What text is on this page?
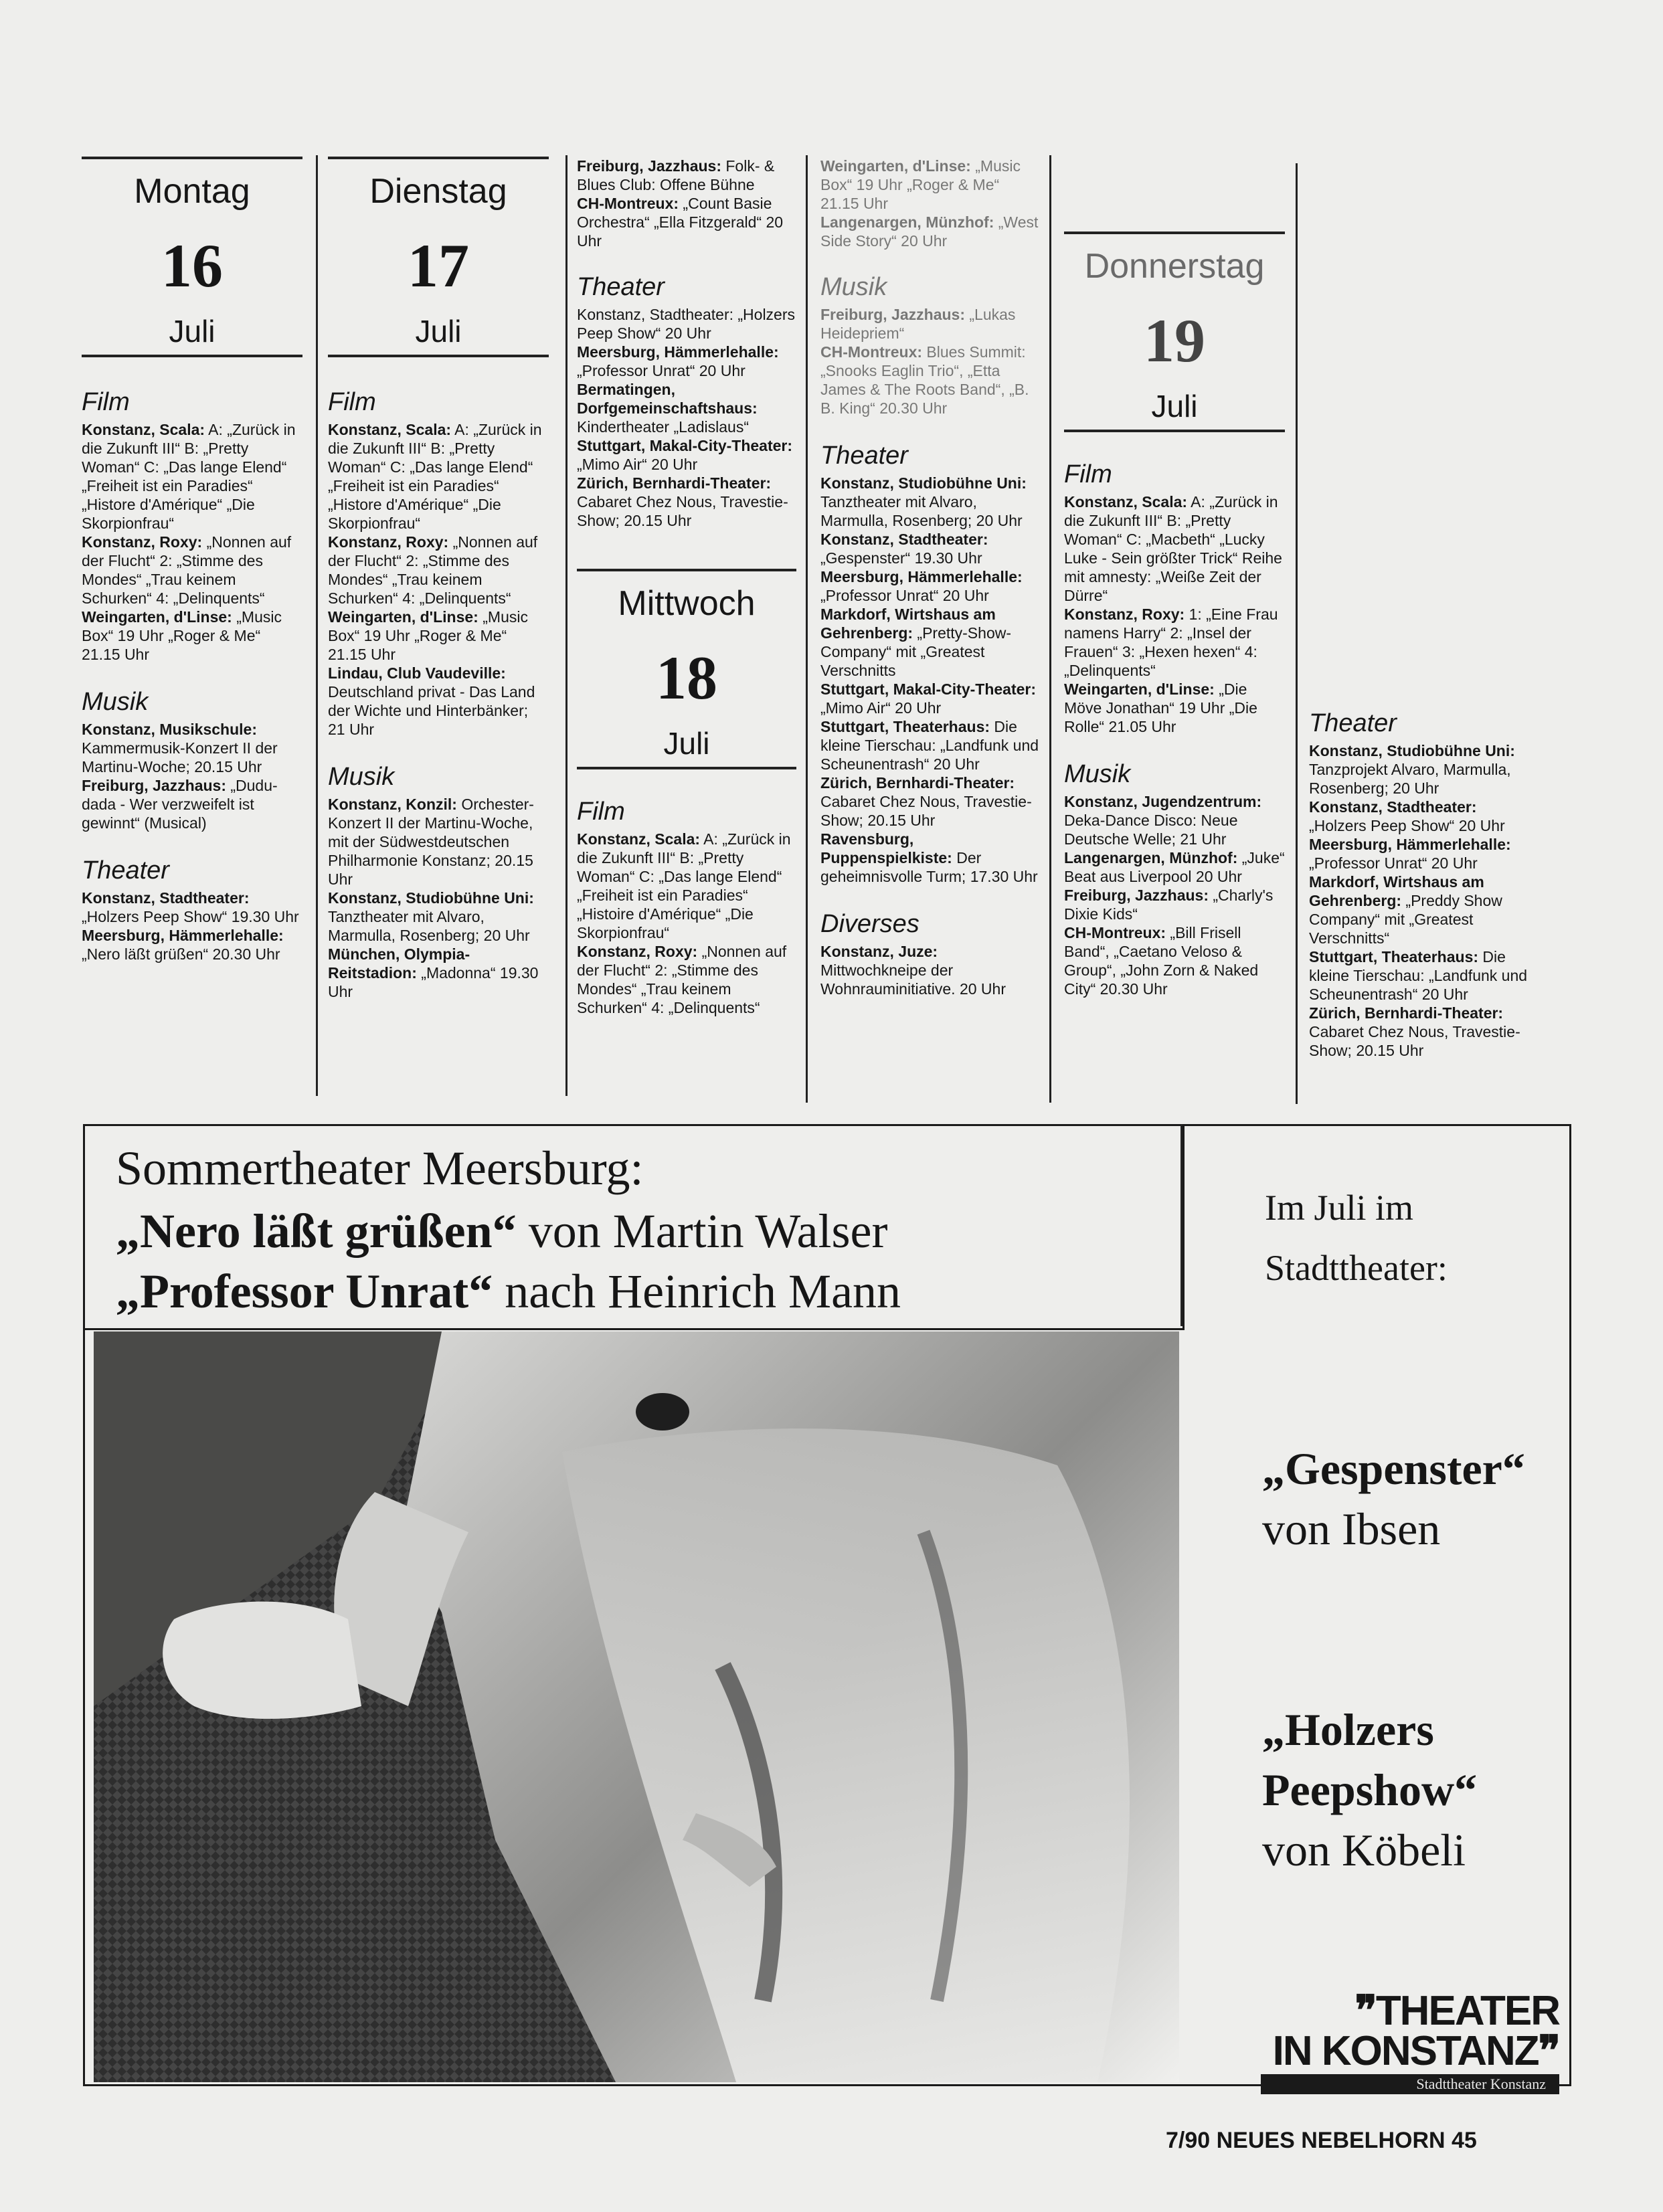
Montag
16
Juli
Film

Konstanz, Scala: A: „Zurück in die Zukunft III“ B: „Pretty Woman“ C: „Das lange Elend“ „Freiheit ist ein Paradies“ „Histore d'Amérique“ „Die Skorpionfrau“

Konstanz, Roxy: „Nonnen auf der Flucht“ 2: „Stimme des Mondes“ „Trau keinem Schurken“ 4: „Delinquents“

Weingarten, d'Linse: „Music Box“ 19 Uhr „Roger & Me“ 21.15 Uhr

Musik

Konstanz, Musikschule: Kammermusik-Konzert II der Martinu-Woche; 20.15 Uhr

Freiburg, Jazzhaus: „Dudu-dada - Wer verzweifelt ist gewinnt“ (Musical)

Theater

Konstanz, Stadtheater: „Holzers Peep Show“ 19.30 Uhr

Meersburg, Hämmerlehalle: „Nero läßt grüßen“ 20.30 Uhr

Dienstag
17
Juli
Film

Konstanz, Scala: A: „Zurück in die Zukunft III“ B: „Pretty Woman“ C: „Das lange Elend“ „Freiheit ist ein Paradies“ „Histore d'Amérique“ „Die Skorpionfrau“

Konstanz, Roxy: „Nonnen auf der Flucht“ 2: „Stimme des Mondes“ „Trau keinem Schurken“ 4: „Delinquents“

Weingarten, d'Linse: „Music Box“ 19 Uhr „Roger & Me“ 21.15 Uhr

Lindau, Club Vaudeville: Deutschland privat - Das Land der Wichte und Hinterbänker; 21 Uhr

Musik

Konstanz, Konzil: Orchester-Konzert II der Martinu-Woche, mit der Südwestdeutschen Philharmonie Konstanz; 20.15 Uhr

Konstanz, Studiobühne Uni: Tanztheater mit Alvaro, Marmulla, Rosenberg; 20 Uhr

München, Olympia-Reitstadion: „Madonna“ 19.30 Uhr

Freiburg, Jazzhaus: Folk- & Blues Club: Offene Bühne

CH-Montreux: „Count Basie Orchestra“ „Ella Fitzgerald“ 20 Uhr

Theater

Konstanz, Stadtheater: „Holzers Peep Show“ 20 Uhr

Meersburg, Hämmerlehalle: „Professor Unrat“ 20 Uhr

Bermatingen, Dorfgemeinschaftshaus: Kindertheater „Ladislaus“

Stuttgart, Makal-City-Theater: „Mimo Air“ 20 Uhr

Zürich, Bernhardi-Theater: Cabaret Chez Nous, Travestie-Show; 20.15 Uhr

Mittwoch
18
Juli
Film

Konstanz, Scala: A: „Zurück in die Zukunft III“ B: „Pretty Woman“ C: „Das lange Elend“ „Freiheit ist ein Paradies“ „Histoire d'Amérique“ „Die Skorpionfrau“

Konstanz, Roxy: „Nonnen auf der Flucht“ 2: „Stimme des Mondes“ „Trau keinem Schurken“ 4: „Delinquents“

Weingarten, d'Linse: „Music Box“ 19 Uhr „Roger & Me“ 21.15 Uhr

Langenargen, Münzhof: „West Side Story“ 20 Uhr

Musik

Freiburg, Jazzhaus: „Lukas Heidepriem“

CH-Montreux: Blues Summit: „Snooks Eaglin Trio“, „Etta James & The Roots Band“, „B. B. King“ 20.30 Uhr

Theater

Konstanz, Studiobühne Uni: Tanztheater mit Alvaro, Marmulla, Rosenberg; 20 Uhr

Konstanz, Stadtheater: „Gespenster“ 19.30 Uhr

Meersburg, Hämmerlehalle: „Professor Unrat“ 20 Uhr

Markdorf, Wirtshaus am Gehrenberg: „Pretty-Show-Company“ mit „Greatest Verschnitts

Stuttgart, Makal-City-Theater: „Mimo Air“ 20 Uhr

Stuttgart, Theaterhaus: Die kleine Tierschau: „Landfunk und Scheunentrash“ 20 Uhr

Zürich, Bernhardi-Theater: Cabaret Chez Nous, Travestie-Show; 20.15 Uhr

Ravensburg, Puppenspielkiste: Der geheimnisvolle Turm; 17.30 Uhr

Diverses

Konstanz, Juze: Mittwochkneipe der Wohnrauminitiative. 20 Uhr

Donnerstag
19
Juli
Film

Konstanz, Scala: A: „Zurück in die Zukunft III“ B: „Pretty Woman“ C: „Macbeth“ „Lucky Luke - Sein größter Trick“ Reihe mit amnesty: „Weiße Zeit der Dürre“

Konstanz, Roxy: 1: „Eine Frau namens Harry“ 2: „Insel der Frauen“ 3: „Hexen hexen“ 4: „Delinquents“

Weingarten, d'Linse: „Die Möve Jonathan“ 19 Uhr „Die Rolle“ 21.05 Uhr

Musik

Konstanz, Jugendzentrum: Deka-Dance Disco: Neue Deutsche Welle; 21 Uhr

Langenargen, Münzhof: „Juke“ Beat aus Liverpool 20 Uhr

Freiburg, Jazzhaus: „Charly's Dixie Kids“

CH-Montreux: „Bill Frisell Band“, „Caetano Veloso & Group“, „John Zorn & Naked City“ 20.30 Uhr

Theater

Konstanz, Studiobühne Uni: Tanzprojekt Alvaro, Marmulla, Rosenberg; 20 Uhr

Konstanz, Stadtheater: „Holzers Peep Show“ 20 Uhr

Meersburg, Hämmerlehalle: „Professor Unrat“ 20 Uhr

Markdorf, Wirtshaus am Gehrenberg: „Preddy Show Company“ mit „Greatest Verschnitts“

Stuttgart, Theaterhaus: Die kleine Tierschau: „Landfunk und Scheunentrash“ 20 Uhr

Zürich, Bernhardi-Theater: Cabaret Chez Nous, Travestie-Show; 20.15 Uhr

Sommertheater Meersburg:
„Nero läßt grüßen“ von Martin Walser
„Professor Unrat“ nach Heinrich Mann
Im Juli im
Stadttheater:
„Gespenster“
von Ibsen
„Holzers
Peepshow“
von Köbeli
❞THEATER
IN KONSTANZ❞
Stadttheater Konstanz
7/90 NEUES NEBELHORN 45
